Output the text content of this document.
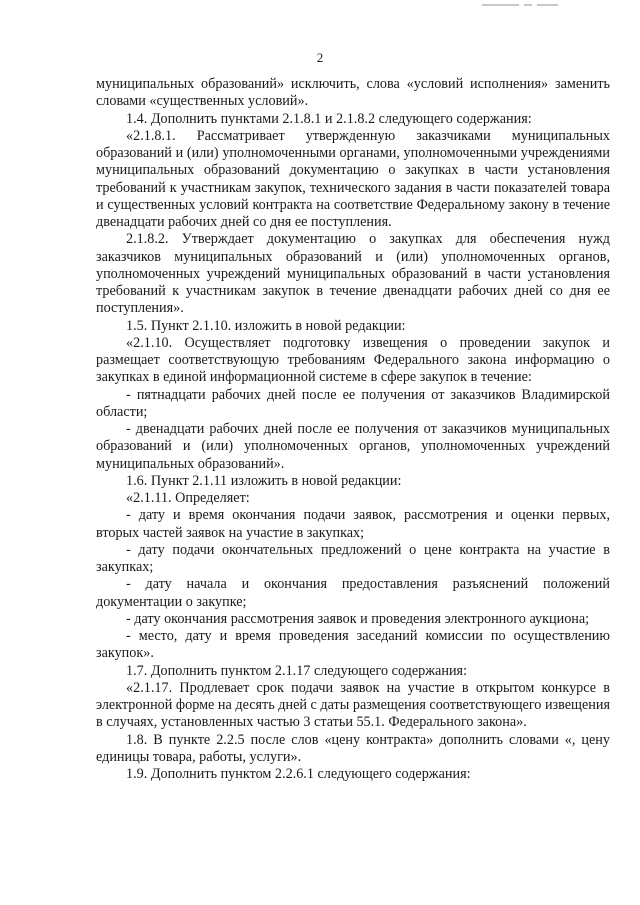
2

муниципальных образований» исключить, слова «условий исполнения» заменить словами «существенных условий».

1.4. Дополнить пунктами 2.1.8.1 и 2.1.8.2 следующего содержания:

«2.1.8.1. Рассматривает утвержденную заказчиками муниципальных образований и (или) уполномоченными органами, уполномоченными учреждениями муниципальных образований документацию о закупках в части установления требований к участникам закупок, технического задания в части показателей товара и существенных условий контракта на соответствие Федеральному закону в течение двенадцати рабочих дней со дня ее поступления.

2.1.8.2. Утверждает документацию о закупках для обеспечения нужд заказчиков муниципальных образований и (или) уполномоченных органов, уполномоченных учреждений муниципальных образований в части установления требований к участникам закупок в течение двенадцати рабочих дней со дня ее поступления».

1.5. Пункт 2.1.10. изложить в новой редакции:

«2.1.10. Осуществляет подготовку извещения о проведении закупок и размещает соответствующую требованиям Федерального закона информацию о закупках в единой информационной системе в сфере закупок в течение:

- пятнадцати рабочих дней после ее получения от заказчиков Владимирской области;

- двенадцати рабочих дней после ее получения от заказчиков муниципальных образований и (или) уполномоченных органов, уполномоченных учреждений муниципальных образований».

1.6. Пункт 2.1.11 изложить в новой редакции:

«2.1.11. Определяет:

- дату и время окончания подачи заявок, рассмотрения и оценки первых, вторых частей заявок на участие в закупках;

- дату подачи окончательных предложений о цене контракта на участие в закупках;

- дату начала и окончания предоставления разъяснений положений документации о закупке;

- дату окончания рассмотрения заявок и проведения электронного аукциона;

- место, дату и время проведения заседаний комиссии по осуществлению закупок».

1.7. Дополнить пунктом 2.1.17 следующего содержания:

«2.1.17. Продлевает срок подачи заявок на участие в открытом конкурсе в электронной форме на десять дней с даты размещения соответствующего извещения в случаях, установленных частью 3 статьи 55.1. Федерального закона».

1.8. В пункте 2.2.5 после слов «цену контракта» дополнить словами «, цену единицы товара, работы, услуги».

1.9. Дополнить пунктом 2.2.6.1 следующего содержания:
